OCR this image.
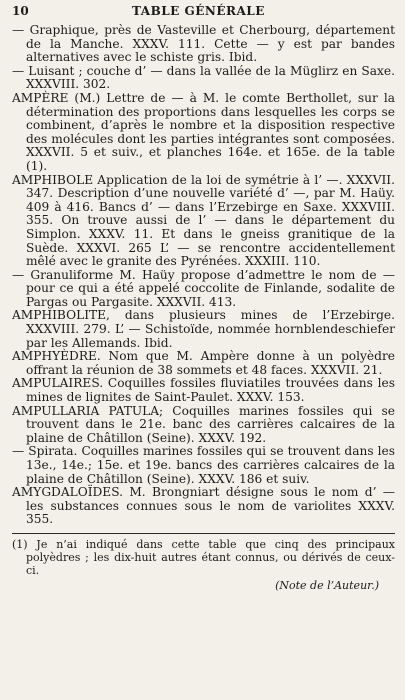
10	TABLE GÉNÉRALE

— Graphique, près de Vasteville et Cherbourg, département de la Manche. XXXV. 111. Cette — y est par bandes alternatives avec le schiste gris. Ibid.

— Luisant ; couche d’ — dans la vallée de la Müglirz en Saxe. XXXVIII. 302.

AMPÈRE (M.) Lettre de — à M. le comte Berthollet, sur la détermination des proportions dans lesquelles les corps se combinent, d’après le nombre et la disposition respective des molécules dont les parties intégrantes sont composées. XXXVII. 5 et suiv., et planches 164e. et 165e. de la table (1).

AMPHIBOLE Application de la loi de symétrie à l’ —. XXXVII. 347. Description d’une nouvelle variété d’ —, par M. Haüy. 409 à 416. Bancs d’ — dans l’Erzebirge en Saxe. XXXVIII. 355. On trouve aussi de l’ — dans le département du Simplon. XXXV. 11. Et dans le gneiss granitique de la Suède. XXXVI. 265 L’ — se rencontre accidentellement mêlé avec le granite des Pyrénées. XXXIII. 110.

— Granuliforme M. Haüy propose d’admettre le nom de — pour ce qui a été appelé coccolite de Finlande, sodalite de Pargas ou Pargasite. XXXVII. 413.

AMPHIBOLITE, dans plusieurs mines de l’Erzebirge. XXXVIII. 279. L’ — Schistoïde, nommée hornblendeschiefer par les Allemands. Ibid.

AMPHYÈDRE. Nom que M. Ampère donne à un polyèdre offrant la réunion de 38 sommets et 48 faces. XXXVII. 21.

AMPULAIRES. Coquilles fossiles fluviatiles trouvées dans les mines de lignites de Saint-Paulet. XXXV. 153.

AMPULLARIA PATULA; Coquilles marines fossiles qui se trouvent dans le 21e. banc des carrières calcaires de la plaine de Châtillon (Seine). XXXV. 192.

— Spirata. Coquilles marines fossiles qui se trouvent dans les 13e., 14e.; 15e. et 19e. bancs des carrières calcaires de la plaine de Châtillon (Seine). XXXV. 186 et suiv.

AMYGDALOÏDES. M. Brongniart désigne sous le nom d’ — les substances connues sous le nom de variolites XXXV. 355.

(1) Je n’ai indiqué dans cette table que cinq des principaux polyèdres ; les dix-huit autres étant connus, ou dérivés de ceux-ci.
(Note de l’Auteur.)
